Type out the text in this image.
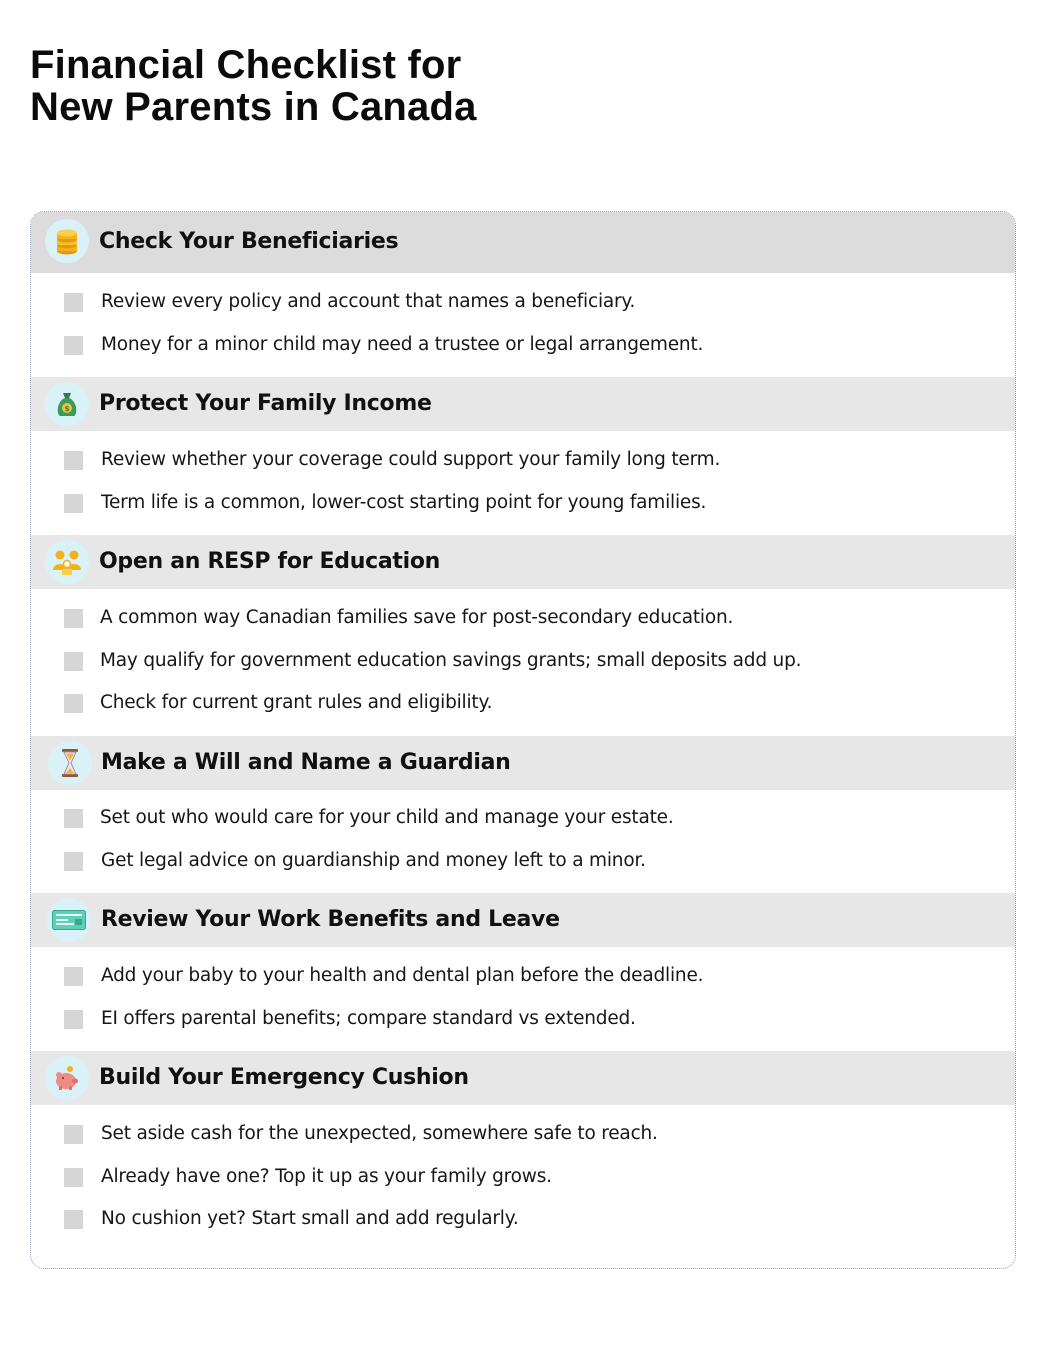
Financial Checklist for
New Parents in Canada
Check Your Beneficiaries
Review every policy and account that names a beneficiary.
Money for a minor child may need a trustee or legal arrangement.
$ Protect Your Family Income
Review whether your coverage could support your family long term.
Term life is a common, lower-cost starting point for young families.
Open an RESP for Education
A common way Canadian families save for post-secondary education.
May qualify for government education savings grants; small deposits add up.
Check for current grant rules and eligibility.
Make a Will and Name a Guardian
Set out who would care for your child and manage your estate.
Get legal advice on guardianship and money left to a minor.
Review Your Work Benefits and Leave
Add your baby to your health and dental plan before the deadline.
EI offers parental benefits; compare standard vs extended.
Build Your Emergency Cushion
Set aside cash for the unexpected, somewhere safe to reach.
Already have one? Top it up as your family grows.
No cushion yet? Start small and add regularly.
